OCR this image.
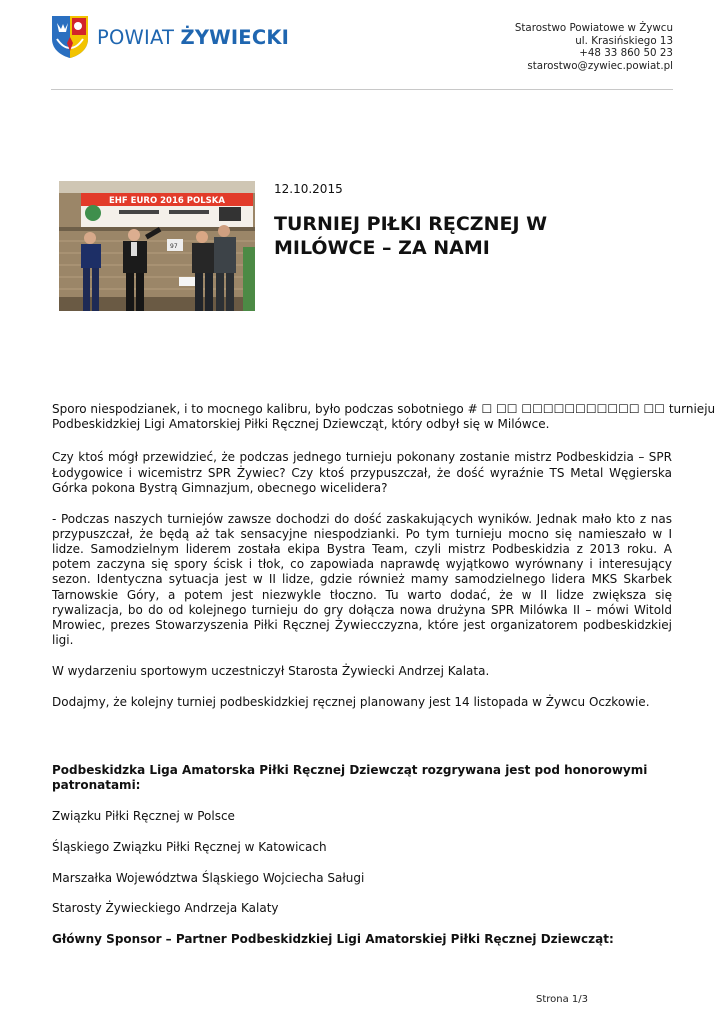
POWIAT ŻYWIECKI	Starostwo Powiatowe w Żywcu
ul. Krasińskiego 13
+48 33 860 50 23
starostwo@zywiec.powiat.pl
EHF EURO 2016 POLSKA
97
12.10.2015
TURNIEJ PIŁKI RĘCZNEJ W
MILÓWCE – ZA NAMI

Sporo niespodzianek, i to mocnego kalibru, było podczas sobotniego # ☐ ☐☐ ☐☐☐☐☐☐☐☐☐☐☐ ☐☐ turnieju
Podbeskidzkiej Ligi Amatorskiej Piłki Ręcznej Dziewcząt, który odbył się w Milówce.

Czy ktoś mógł przewidzieć, że podczas jednego turnieju pokonany zostanie mistrz Podbeskidzia – SPR Łodygowice i wicemistrz SPR Żywiec? Czy ktoś przypuszczał, że dość wyraźnie TS Metal Węgierska Górka pokona Bystrą Gimnazjum, obecnego wicelidera?

- Podczas naszych turniejów zawsze dochodzi do dość zaskakujących wyników. Jednak mało kto z nas przypuszczał, że będą aż tak sensacyjne niespodzianki. Po tym turnieju mocno się namieszało w I lidze. Samodzielnym liderem została ekipa Bystra Team, czyli mistrz Podbeskidzia z 2013 roku. A potem zaczyna się spory ścisk i tłok, co zapowiada naprawdę wyjątkowo wyrównany i interesujący sezon. Identyczna sytuacja jest w II lidze, gdzie również mamy samodzielnego lidera MKS Skarbek Tarnowskie Góry, a potem jest niezwykle tłoczno. Tu warto dodać, że w II lidze zwiększa się rywalizacja, bo do od kolejnego turnieju do gry dołącza nowa drużyna SPR Milówka II – mówi Witold Mrowiec, prezes Stowarzyszenia Piłki Ręcznej Żywiecczyzna, które jest organizatorem podbeskidzkiej ligi.

W wydarzeniu sportowym uczestniczył Starosta Żywiecki Andrzej Kalata.

Dodajmy, że kolejny turniej podbeskidzkiej ręcznej planowany jest 14 listopada w Żywcu Oczkowie.

Podbeskidzka Liga Amatorska Piłki Ręcznej Dziewcząt rozgrywana jest pod honorowymi patronatami:

Związku Piłki Ręcznej w Polsce

Śląskiego Związku Piłki Ręcznej w Katowicach

Marszałka Województwa Śląskiego Wojciecha Saługi

Starosty Żywieckiego Andrzeja Kalaty

Główny Sponsor – Partner Podbeskidzkiej Ligi Amatorskiej Piłki Ręcznej Dziewcząt:

Strona 1/3
